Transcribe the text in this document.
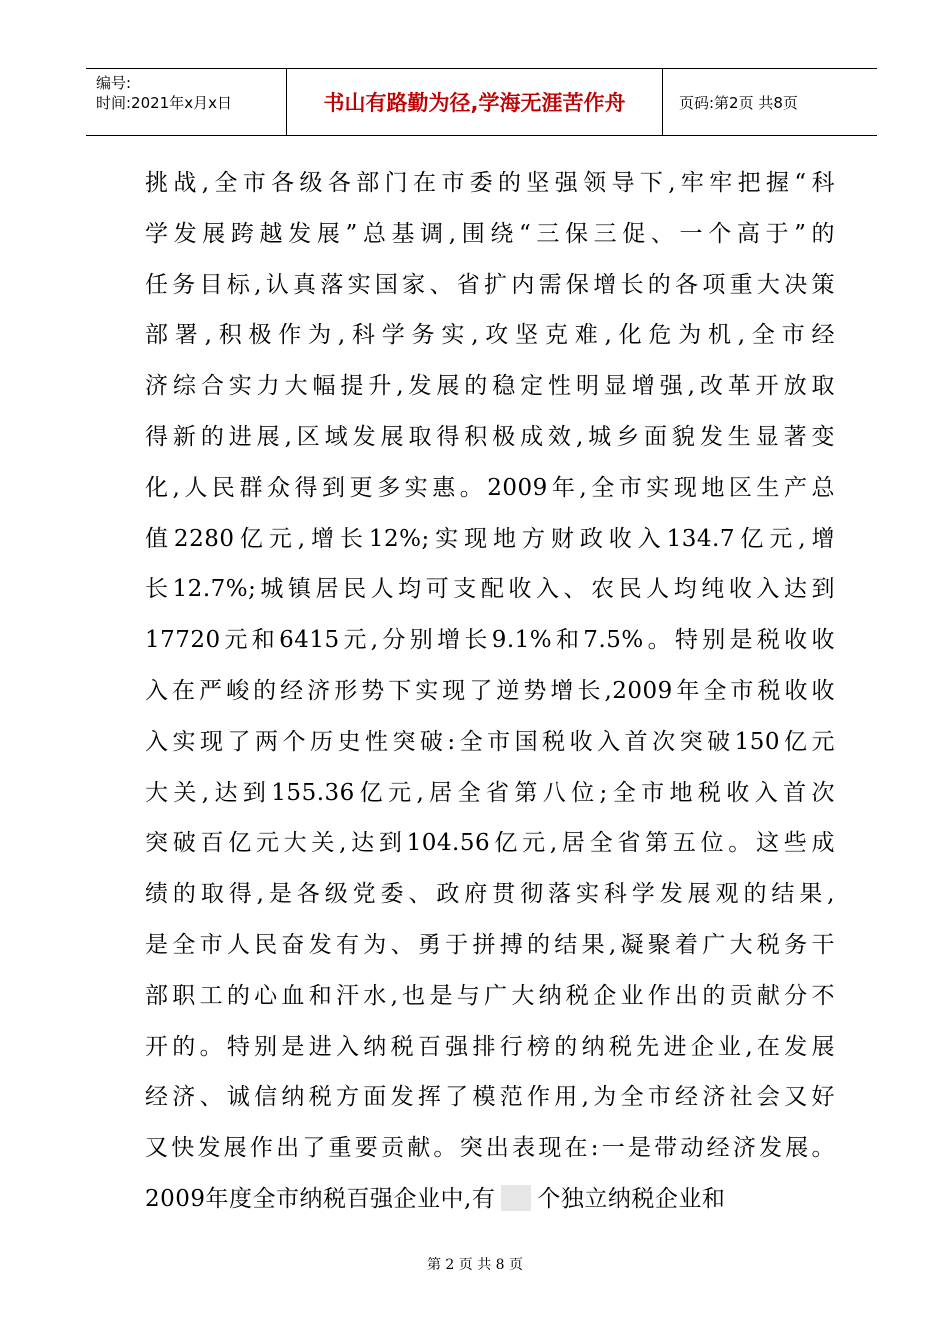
编号:
时间:2021年x月x日	书山有路勤为径,学海无涯苦作舟	页码:第2页 共8页
挑战,全市各级各部门在市委的坚强领导下,牢牢把握“科
学发展跨越发展”总基调,围绕“三保三促、一个高于”的
任务目标,认真落实国家、省扩内需保增长的各项重大决策
部署,积极作为,科学务实,攻坚克难,化危为机,全市经
济综合实力大幅提升,发展的稳定性明显增强,改革开放取
得新的进展,区域发展取得积极成效,城乡面貌发生显著变
化,人民群众得到更多实惠。2009年,全市实现地区生产总
值2280亿元,增长12%;实现地方财政收入134.7亿元,增
长12.7%;城镇居民人均可支配收入、农民人均纯收入达到
17720元和6415元,分别增长9.1%和7.5%。特别是税收收
入在严峻的经济形势下实现了逆势增长,2009年全市税收收
入实现了两个历史性突破:全市国税收入首次突破150亿元
大关,达到155.36亿元,居全省第八位;全市地税收入首次
突破百亿元大关,达到104.56亿元,居全省第五位。这些成
绩的取得,是各级党委、政府贯彻落实科学发展观的结果,
是全市人民奋发有为、勇于拼搏的结果,凝聚着广大税务干
部职工的心血和汗水,也是与广大纳税企业作出的贡献分不
开的。特别是进入纳税百强排行榜的纳税先进企业,在发展
经济、诚信纳税方面发挥了模范作用,为全市经济社会又好
又快发展作出了重要贡献。突出表现在:一是带动经济发展。
2009年度全市纳税百强企业中,有 个独立纳税企业和
第 2 页 共 8 页
